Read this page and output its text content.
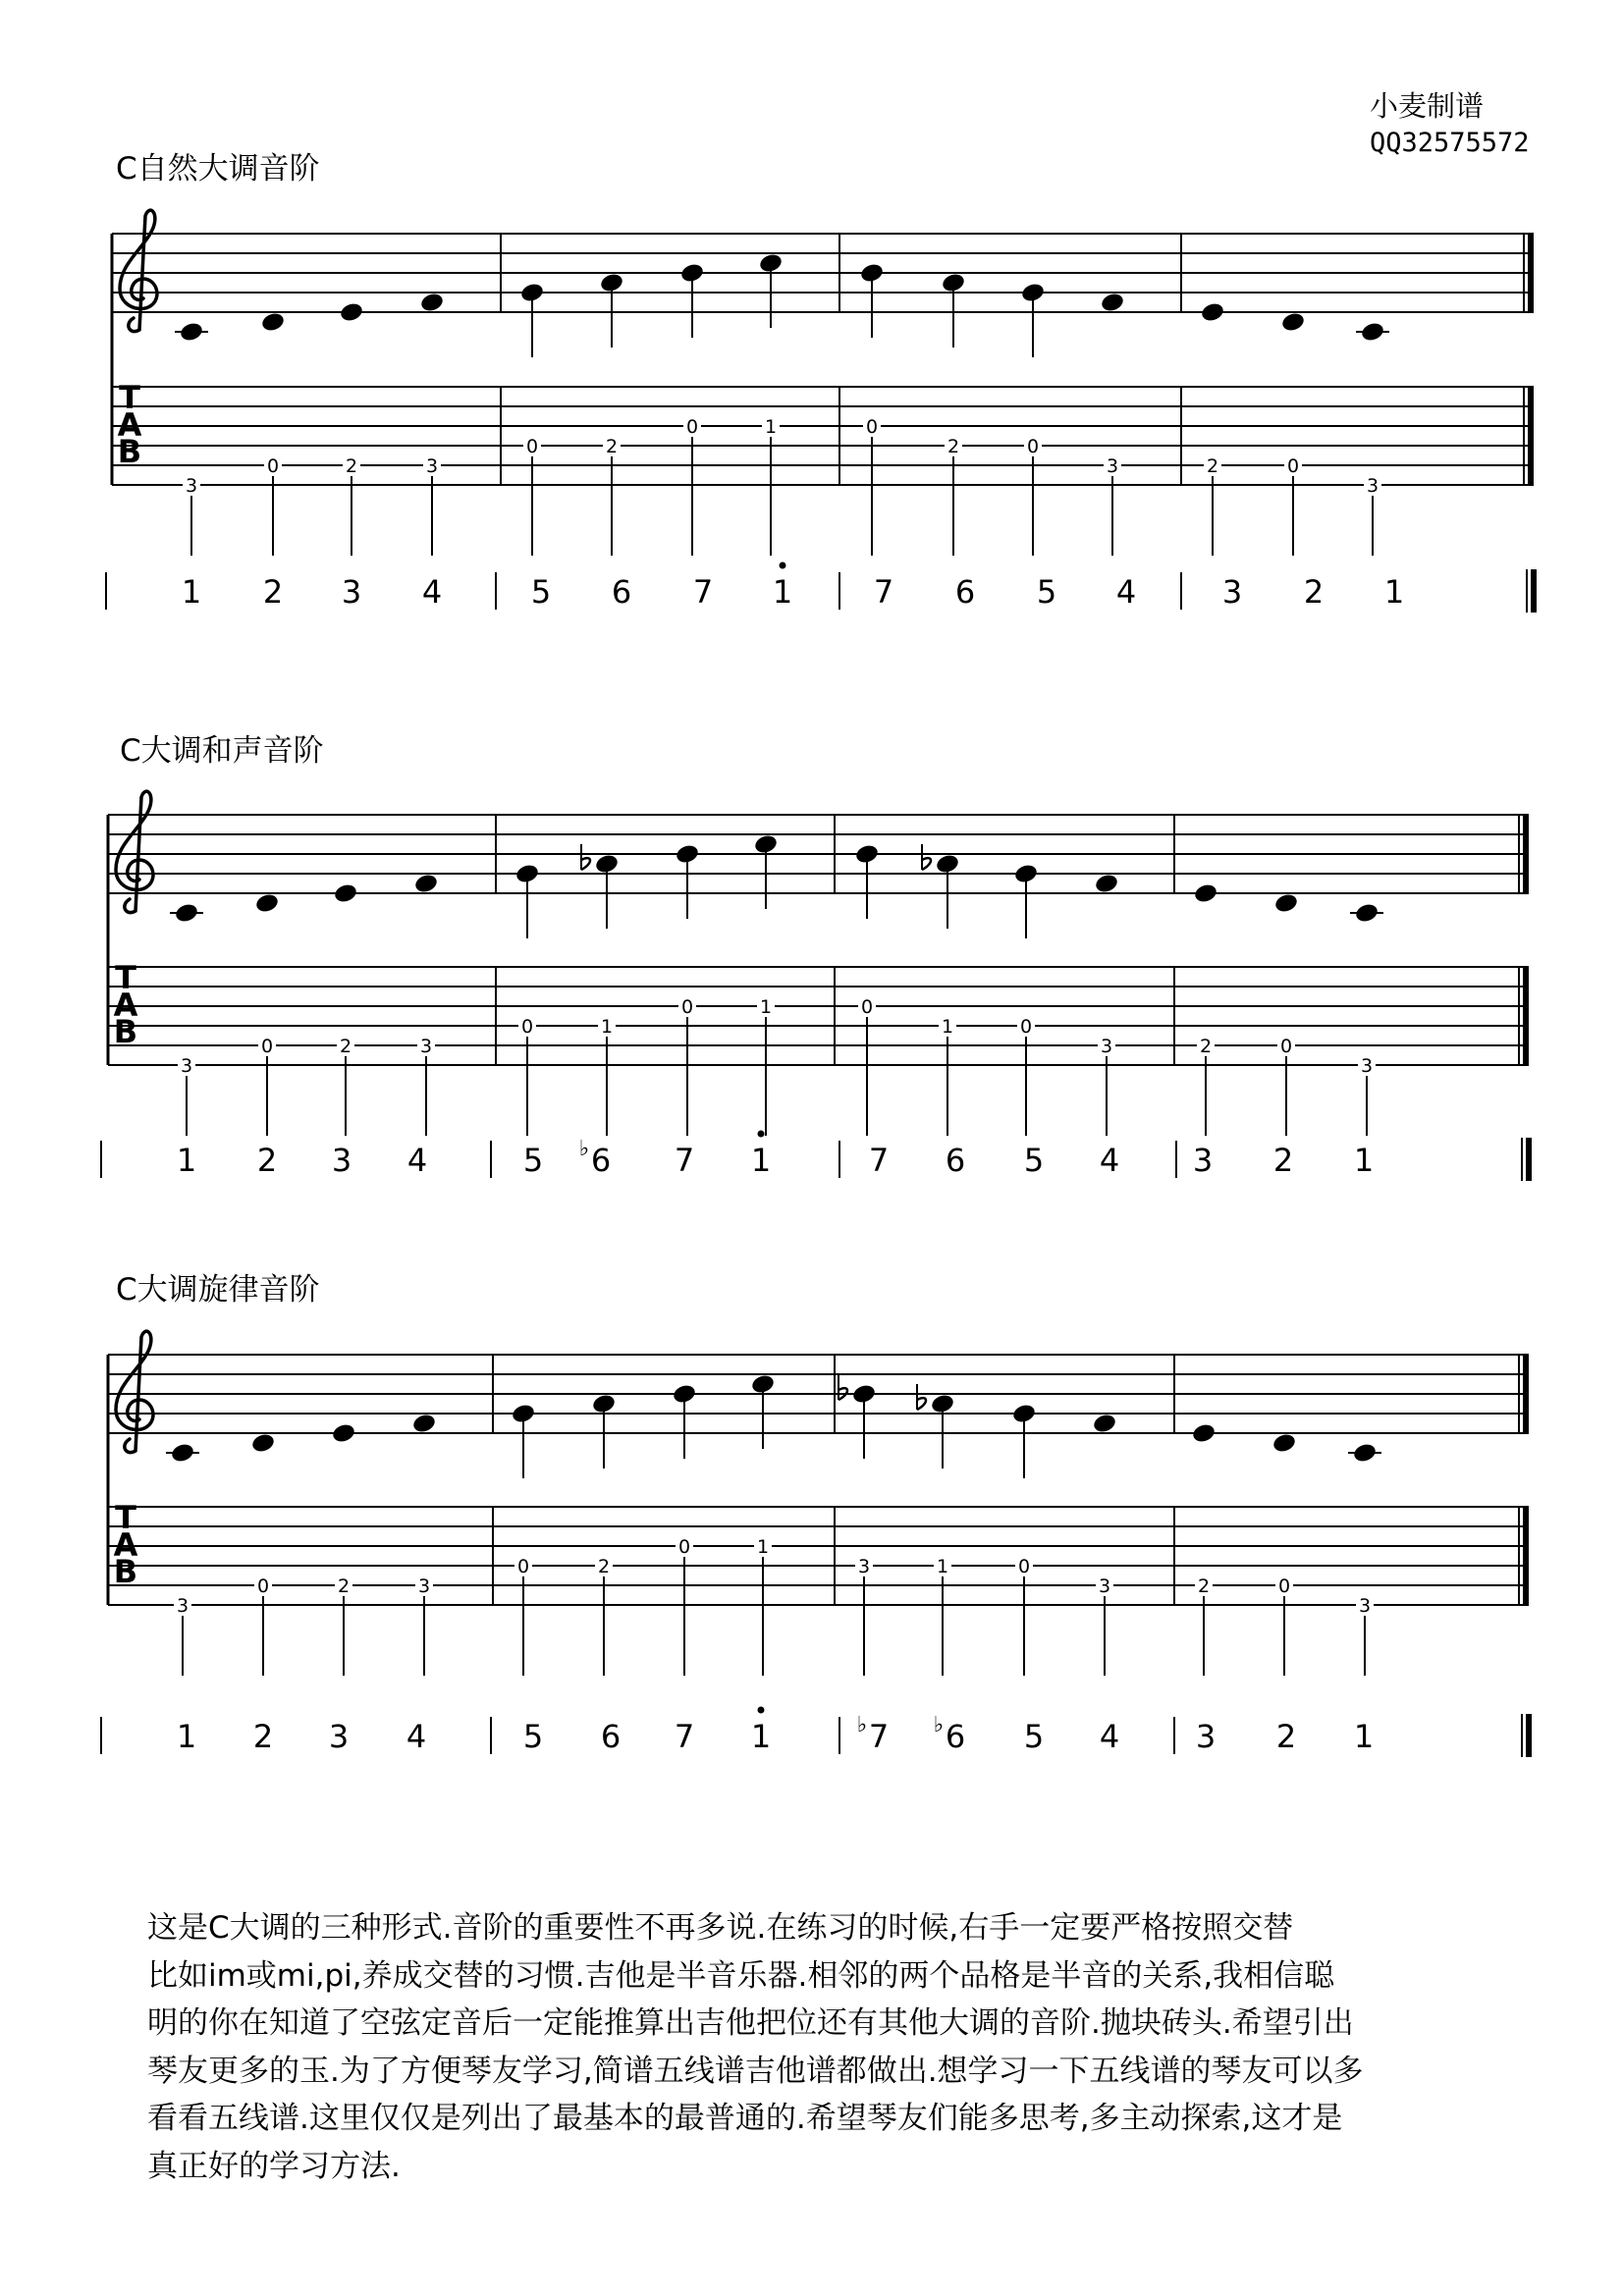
小麦制谱
QQ32575572
C自然大调音阶
C大调和声音阶
C大调旋律音阶
T
A
B
3
1
0
2
2
3
3
4
0
5
2
6
0
7
1
1
0
7
2
6
0
5
3
4
2
3
0
2
3
1
T
A
B
3
1
0
2
2
3
3
4
0
5
1
6
♭
0
7
1
1
0
7
1
6
0
5
3
4
2
3
0
2
3
1
T
A
B
3
1
0
2
2
3
3
4
0
5
2
6
0
7
1
1
3
7
♭
1
6
♭
0
5
3
4
2
3
0
2
3
1
这是C大调的三种形式.音阶的重要性不再多说.在练习的时候,右手一定要严格按照交替
比如im或mi,pi,养成交替的习惯.吉他是半音乐器.相邻的两个品格是半音的关系,我相信聪
明的你在知道了空弦定音后一定能推算出吉他把位还有其他大调的音阶.抛块砖头.希望引出
琴友更多的玉.为了方便琴友学习,简谱五线谱吉他谱都做出.想学习一下五线谱的琴友可以多
看看五线谱.这里仅仅是列出了最基本的最普通的.希望琴友们能多思考,多主动探索,这才是
真正好的学习方法.
